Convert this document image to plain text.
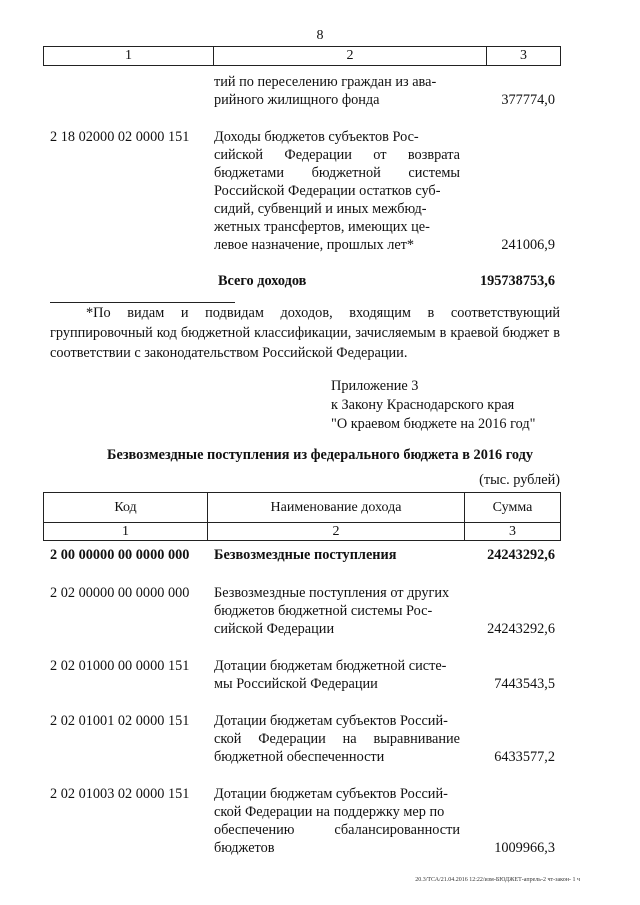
8
1	2	3
тий по переселению граждан из ава-
рийного жилищного фонда	377774,0
2 18 02000 02 0000 151 Доходы бюджетов субъектов Рос-
сийской Федерации от возврата
бюджетами бюджетной системы
Российской Федерации остатков суб-
сидий, субвенций и иных межбюд-
жетных трансфертов, имеющих це-
левое назначение, прошлых лет*	241006,9
Всего доходов	195738753,6
*По видам и подвидам доходов, входящим в соответствующий группировочный код бюджетной классификации, зачисляемым в краевой бюджет в соответствии с законодательством Российской Федерации.
Приложение 3
к Закону Краснодарского края
"О краевом бюджете на 2016 год"
Безвозмездные поступления из федерального бюджета в 2016 году
(тыс. рублей)
Код	Наименование дохода	Сумма
1	2	3
2 00 00000 00 0000 000 Безвозмездные поступления	24243292,6
2 02 00000 00 0000 000 Безвозмездные поступления от других
бюджетов бюджетной системы Рос-
сийской Федерации	24243292,6
2 02 01000 00 0000 151 Дотации бюджетам бюджетной систе-
мы Российской Федерации	7443543,5
2 02 01001 02 0000 151 Дотации бюджетам субъектов Россий-
ской Федерации на выравнивание
бюджетной обеспеченности	6433577,2
2 02 01003 02 0000 151 Дотации бюджетам субъектов Россий-
ской Федерации на поддержку мер по
обеспечению сбалансированности
бюджетов	1009966,3
20.3/ТСА/21.04.2016 12:22/изм-БЮДЖЕТ-апрель-2 чт-закон- 1 ч
